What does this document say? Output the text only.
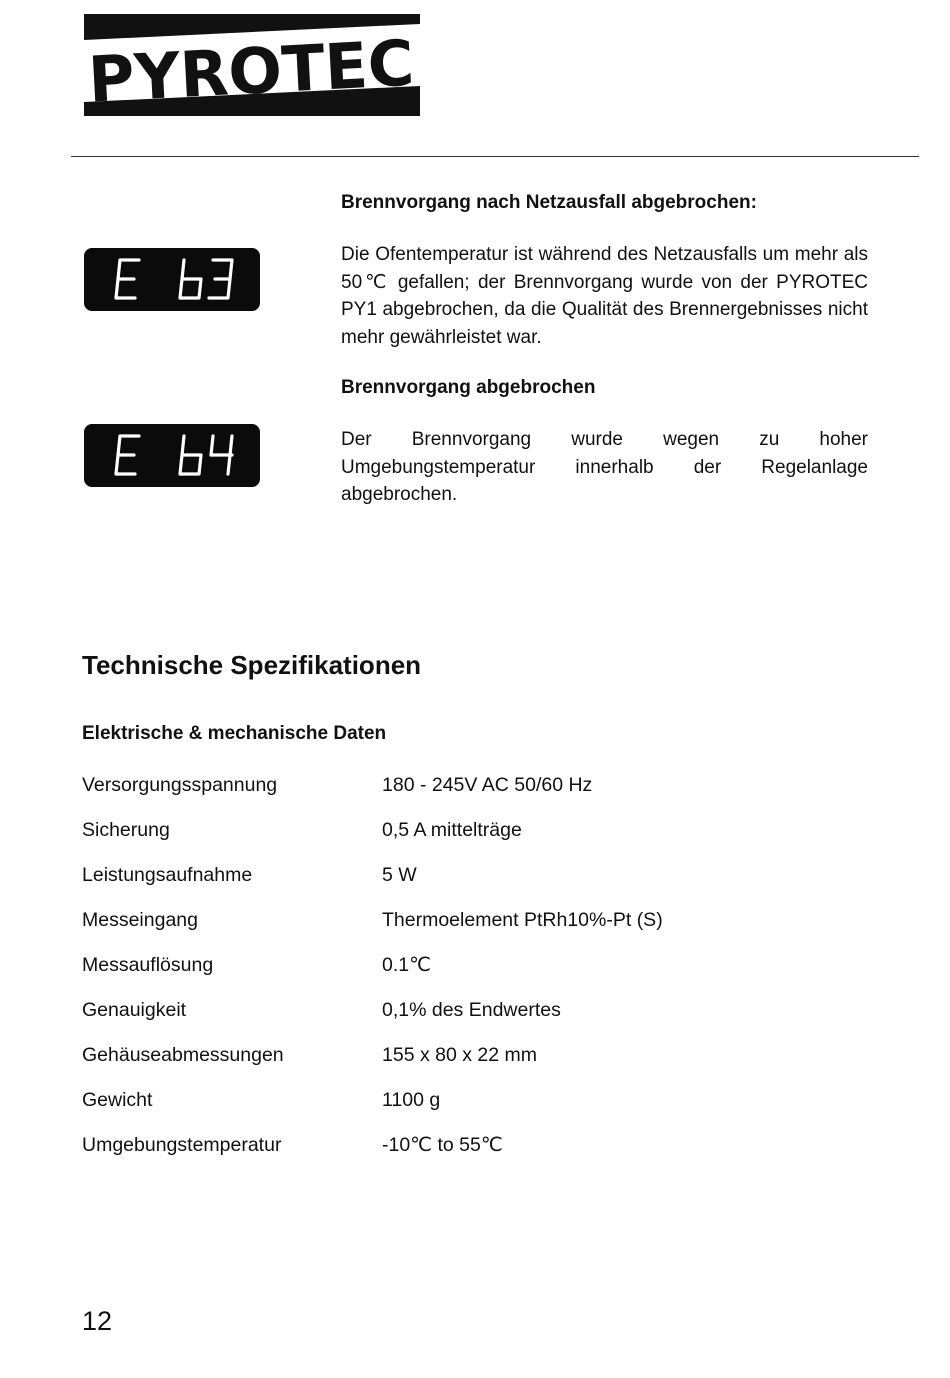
PYROTEC
Brennvorgang nach Netzausfall abgebrochen:
Die Ofentemperatur ist während des Netzausfalls um mehr als 50℃ gefallen; der Brennvorgang wurde von der PYROTEC PY1 abgebrochen, da die Qualität des Brennergebnisses nicht mehr gewährleistet war.
Brennvorgang abgebrochen
Der Brennvorgang wurde wegen zu hoher Umgebungstemperatur innerhalb der Regelanlage abgebrochen.
Technische Spezifikationen
Elektrische & mechanische Daten
Versorgungsspannung	180 - 245V AC 50/60 Hz
Sicherung	0,5 A mittelträge
Leistungsaufnahme	5 W
Messeingang	Thermoelement PtRh10%-Pt (S)
Messauflösung	0.1℃
Genauigkeit	0,1% des Endwertes
Gehäuseabmessungen	155 x 80 x 22 mm
Gewicht	1100 g
Umgebungstemperatur	-10℃ to 55℃
12
